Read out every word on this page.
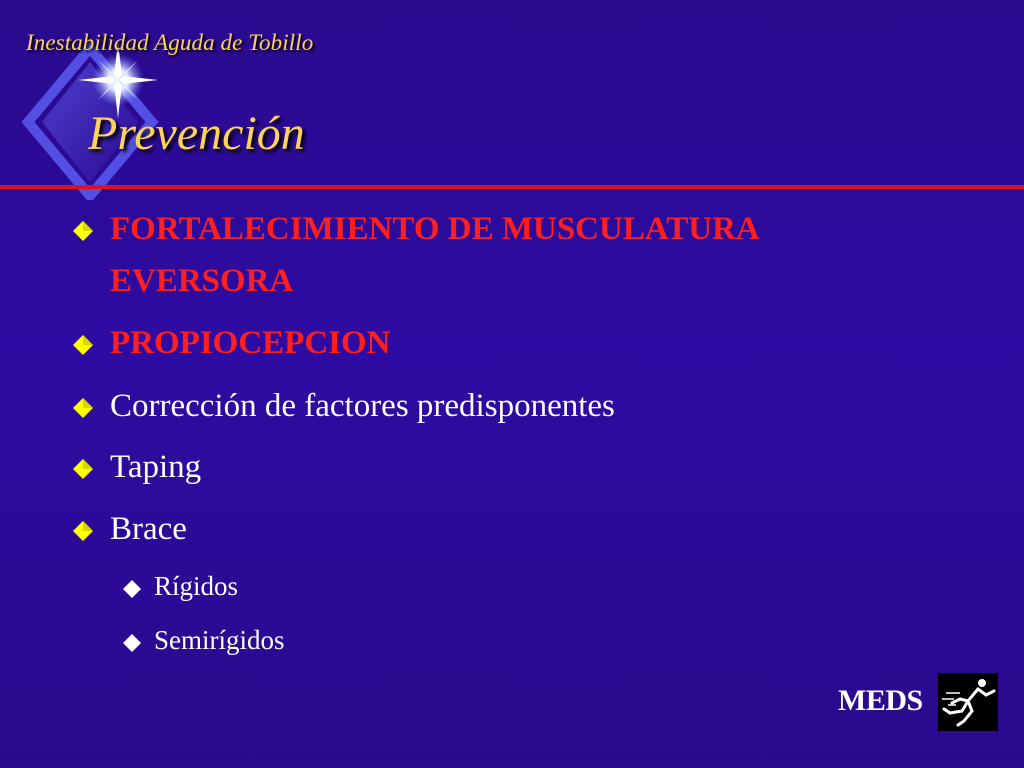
Inestabilidad Aguda de Tobillo
Prevención
FORTALECIMIENTO DE MUSCULATURA EVERSORA
PROPIOCEPCION
Corrección de factores predisponentes
Taping
Brace
Rígidos
Semirígidos
MEDS
